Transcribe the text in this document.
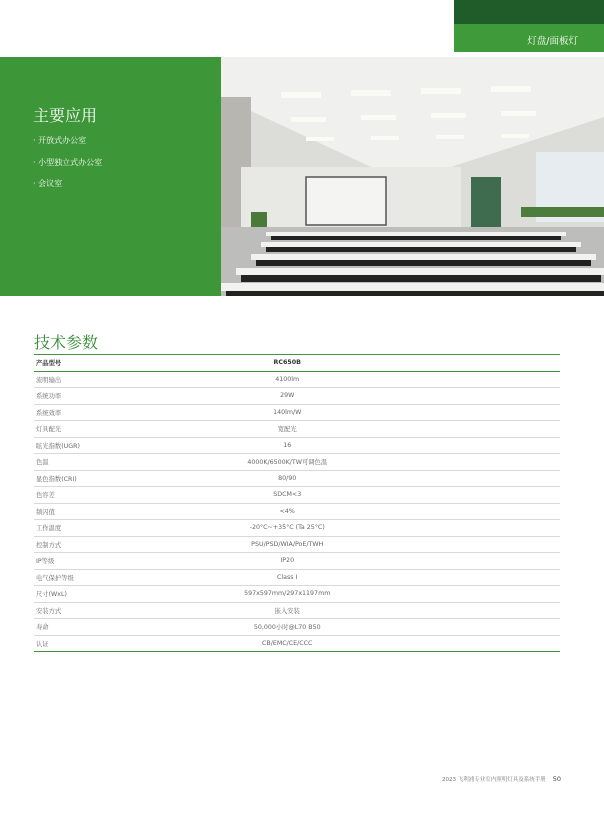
灯盘/面板灯
主要应用
· 开放式办公室
· 小型独立式办公室
· 会议室
技术参数
产品型号	RC650B
流明输出	4100lm
系统功率	29W
系统效率	140lm/W
灯具配光	宽配光
眩光指数(UGR)	16
色温	4000K/6500K/TW可调色温
显色指数(CRI)	80/90
色容差	SDCM<3
频闪值	<4%
工作温度	-20°C~+35°C (Ta 25°C)
控制方式	PSU/PSD/WIA/PoE/TWH
IP等级	IP20
电气保护等级	Class I
尺寸(WxL)	597x597mm/297x1197mm
安装方式	嵌入安装
寿命	50,000小时@L70 B50
认证	CB/EMC/CE/CCC
2023 飞利浦专业室内照明灯具及系统手册 50
